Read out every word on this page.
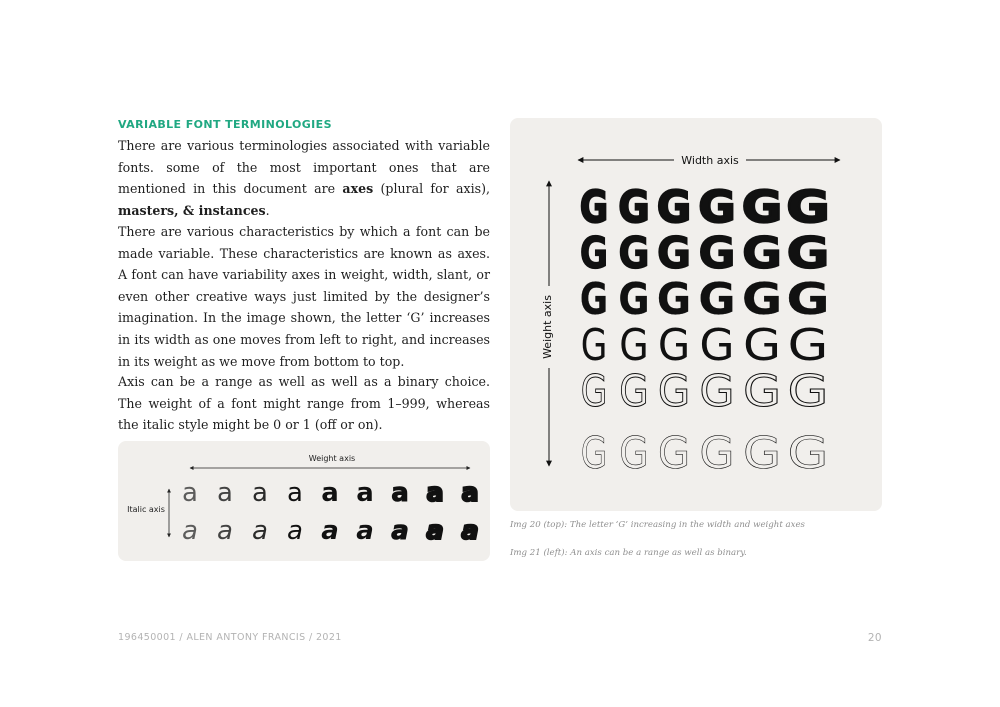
VARIABLE FONT TERMINOLOGIES
There are various terminologies associated with variable fonts. some of the most important ones that are mentioned in this document are axes (plural for axis), masters, & instances.
There are various characteristics by which a font can be made variable. These characteristics are known as axes. A font can have variability axes in weight, width, slant, or even other creative ways just limited by the designer’s imagination. In the image shown, the letter ‘G’ increases in its width as one moves from left to right, and increases in its weight as we move from bottom to top.
Axis can be a range as well as well as a binary choice. The weight of a font might range from 1–999, whereas the italic style might be 0 or 1 (off or on).
Weight axis
Italic axis
a a a a a a a a a
a a a a a a a a a
Width axis
Weight axis
G G G G G G
G G G G G G
G G G G G G
G G G G G G
G G G G G G
G G G G G G
Img 20 (top): The letter ‘G’ increasing in the width and weight axes
Img 21 (left): An axis can be a range as well as binary.
196450001 / ALEN ANTONY FRANCIS / 2021	20
